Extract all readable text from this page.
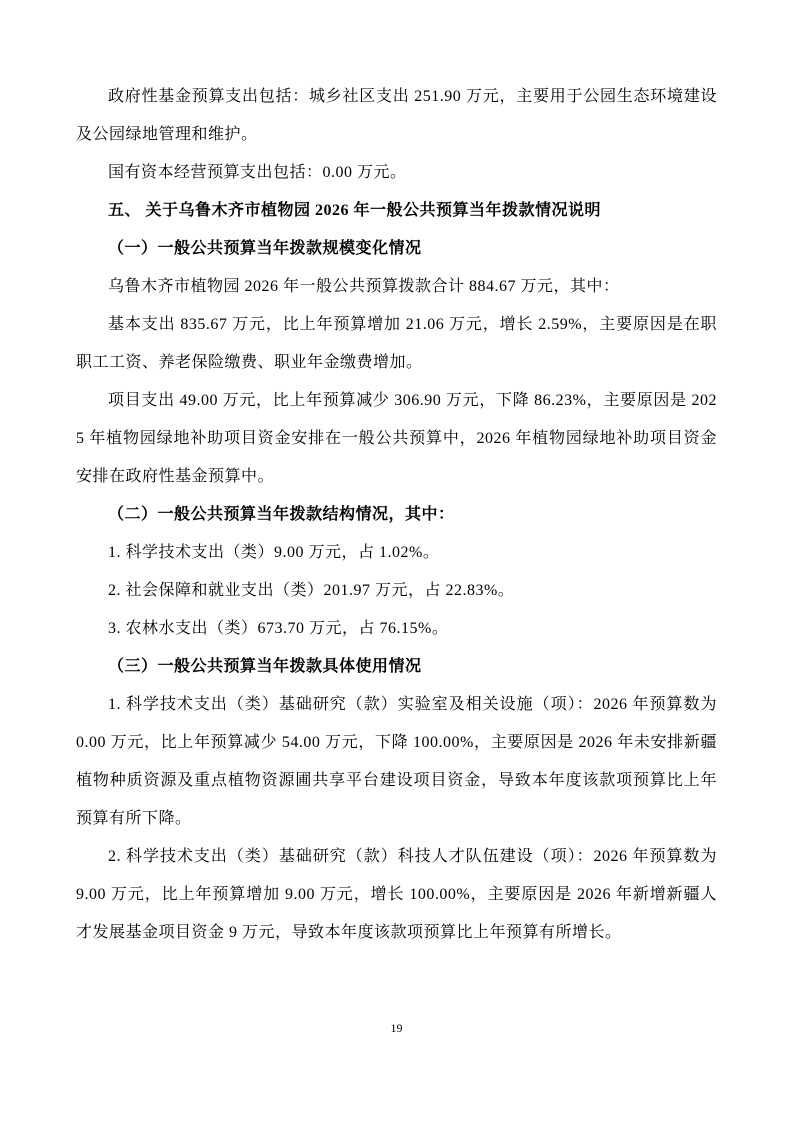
政府性基金预算支出包括：城乡社区支出 251.90 万元，主要用于公园生态环境建设及公园绿地管理和维护。

国有资本经营预算支出包括：0.00 万元。

五、 关于乌鲁木齐市植物园 2026 年一般公共预算当年拨款情况说明

（一）一般公共预算当年拨款规模变化情况

乌鲁木齐市植物园 2026 年一般公共预算拨款合计 884.67 万元，其中：

基本支出 835.67 万元，比上年预算增加 21.06 万元，增长 2.59%，主要原因是在职职工工资、养老保险缴费、职业年金缴费增加。

项目支出 49.00 万元，比上年预算减少 306.90 万元，下降 86.23%，主要原因是 2025 年植物园绿地补助项目资金安排在一般公共预算中，2026 年植物园绿地补助项目资金安排在政府性基金预算中。

（二）一般公共预算当年拨款结构情况，其中：

1. 科学技术支出（类）9.00 万元，占 1.02%。

2. 社会保障和就业支出（类）201.97 万元，占 22.83%。

3. 农林水支出（类）673.70 万元，占 76.15%。

（三）一般公共预算当年拨款具体使用情况

1. 科学技术支出（类）基础研究（款）实验室及相关设施（项）：2026 年预算数为 0.00 万元，比上年预算减少 54.00 万元，下降 100.00%，主要原因是 2026 年未安排新疆植物种质资源及重点植物资源圃共享平台建设项目资金，导致本年度该款项预算比上年预算有所下降。

2. 科学技术支出（类）基础研究（款）科技人才队伍建设（项）：2026 年预算数为 9.00 万元，比上年预算增加 9.00 万元，增长 100.00%，主要原因是 2026 年新增新疆人才发展基金项目资金 9 万元，导致本年度该款项预算比上年预算有所增长。

19
